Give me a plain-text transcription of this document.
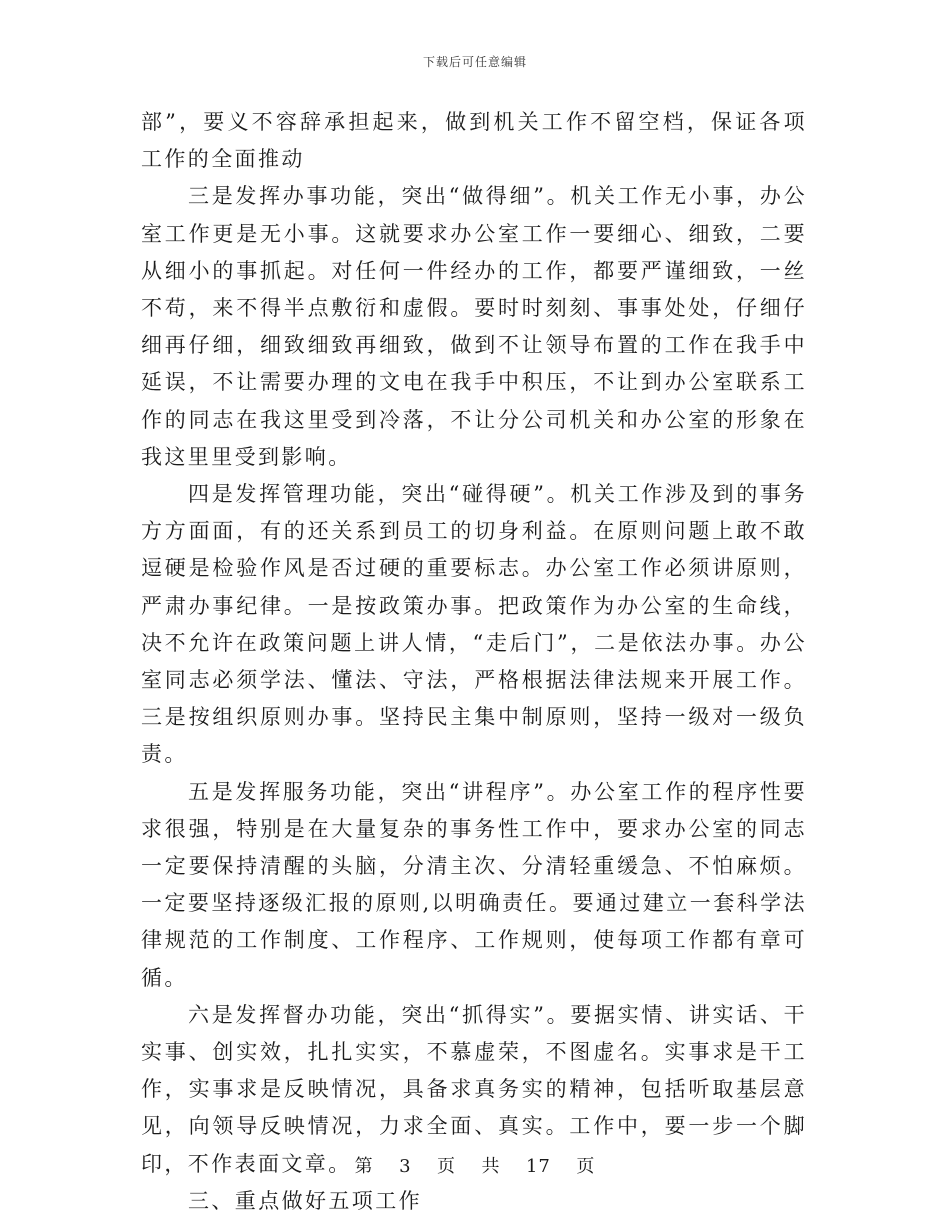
下载后可任意编辑

部”，要义不容辞承担起来，做到机关工作不留空档，保证各项工作的全面推动

三是发挥办事功能，突出“做得细”。机关工作无小事，办公室工作更是无小事。这就要求办公室工作一要细心、细致，二要从细小的事抓起。对任何一件经办的工作，都要严谨细致，一丝不苟，来不得半点敷衍和虚假。要时时刻刻、事事处处，仔细仔细再仔细，细致细致再细致，做到不让领导布置的工作在我手中延误，不让需要办理的文电在我手中积压，不让到办公室联系工作的同志在我这里受到冷落，不让分公司机关和办公室的形象在我这里里受到影响。

四是发挥管理功能，突出“碰得硬”。机关工作涉及到的事务方方面面，有的还关系到员工的切身利益。在原则问题上敢不敢逗硬是检验作风是否过硬的重要标志。办公室工作必须讲原则，严肃办事纪律。一是按政策办事。把政策作为办公室的生命线，决不允许在政策问题上讲人情，“走后门”，二是依法办事。办公室同志必须学法、懂法、守法，严格根据法律法规来开展工作。三是按组织原则办事。坚持民主集中制原则，坚持一级对一级负责。

五是发挥服务功能，突出“讲程序”。办公室工作的程序性要求很强，特别是在大量复杂的事务性工作中，要求办公室的同志一定要保持清醒的头脑，分清主次、分清轻重缓急、不怕麻烦。一定要坚持逐级汇报的原则,以明确责任。要通过建立一套科学法律规范的工作制度、工作程序、工作规则，使每项工作都有章可循。

六是发挥督办功能，突出“抓得实”。要据实情、讲实话、干实事、创实效，扎扎实实，不慕虚荣，不图虚名。实事求是干工作，实事求是反映情况，具备求真务实的精神，包括听取基层意见，向领导反映情况，力求全面、真实。工作中，要一步一个脚印，不作表面文章。

三、重点做好五项工作

第 3 页 共 17 页
